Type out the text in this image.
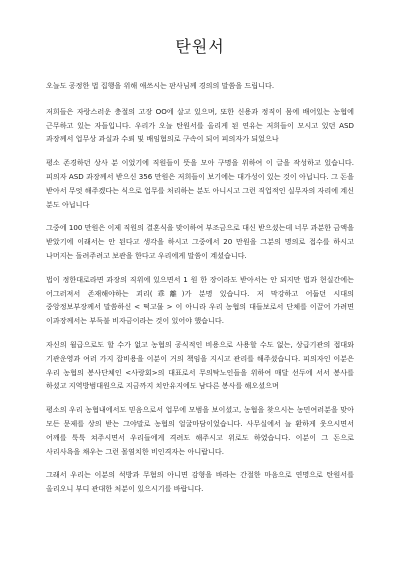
탄원서

오늘도 공정한 법 집행을 위해 애쓰시는 판사님께 경의의 말씀을 드립니다.

저희들은 자랑스러운 충절의 고장 OO에 살고 있으며, 또한 신용과 정직이 몸에 배어있는 농협에 근무하고 있는 자들입니다. 우리가 오늘 탄원서를 올리게 된 연유는 저희들이 모시고 있던 ASD 과장께서 업무상 과실과 수뢰 및 배임혐의로 구속이 되어 피의자가 되었으나

평소 존경하던 상사 분 이었기에 직원들이 뜻을 모아 구명을 위하여 이 글을 작성하고 있습니다. 피의자 ASD 과장께서 받으신 356 만원은 저희들이 보기에는 대가성이 있는 것이 아닙니다. 그 돈을 받아서 무엇 해주겠다는 식으로 업무를 처리하는 분도 아니시고 그런 직업적인 실무자의 자리에 계신 분도 아닙니다

그중에 100 만원은 이제 직원의 결혼식을 맞이하여 부조금으로 대신 받으셨는데 너무 과분한 금액을 받았기에 이래서는 안 된다고 생각을 하시고 그중에서 20 만원을 그분의 명의로 접수를 하시고 나머지는 돌려주려고 보관을 한다고 우리에게 말씀이 계셨습니다.

법이 정한대로라면 과장의 직위에 있으면서 1 원 한 장이라도 받아서는 안 되지만 법과 현실간에는 어그러져서 존재해야하는 괴리(乖離)가 분명 있습니다. 저 막강하고 어둡던 시대의 중앙정보부장께서 말씀하신 < 떡고물 > 이 아니라 우리 농협의 대들보로서 단체를 이끌어 가려면 이과장께서는 부득불 비자금이라는 것이 있어야 했습니다.

자신의 월급으로도 할 수가 없고 농협의 공식적인 비용으로 사용할 수도 없는, 상급기관의 접대와 기관운영과 여러 가지 잡비용을 이분이 거의 책임을 지시고 관리를 해주셨습니다. 피의자인 이분은 우리 농협의 봉사단체인 <사랑회>의 대표로서 무의탁노인들을 위하여 매달 선두에 서서 봉사를 하셨고 지역방범대원으로 지금까지 치안유지에도 남다른 봉사를 해오셨으며

평소의 우리 농협내에서도 믿음으로서 업무에 모범을 보이셨고, 농협을 찾으시는 농민여러분을 맞아 모든 문제를 상의 받는 그야말로 농협의 얼굴마담이었습니다. 사무실에서 늘 환하게 웃으시면서 어깨를 툭툭 쳐주시면서 우리들에게 격려도 해주시고 위로도 하였습니다. 이분이 그 돈으로 사리사욕을 채우는 그런 몰염치한 비인격자는 아니랍니다.

그래서 우리는 이분의 석방과 무혐의 아니면 감형을 바라는 간절한 마음으로 연명으로 탄원서를 올리오니 부디 관대한 처분이 있으시기를 바랍니다.
